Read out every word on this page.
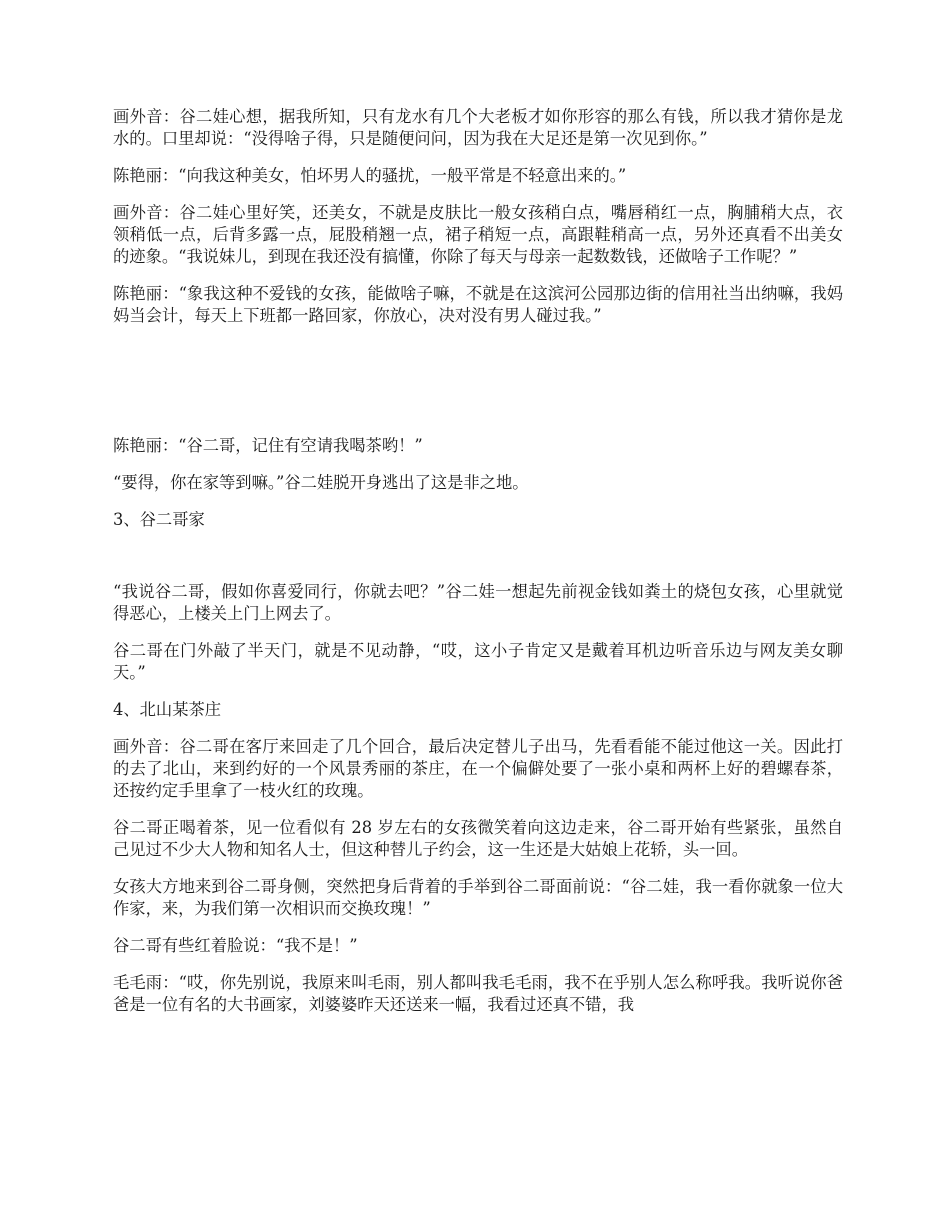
画外音：谷二娃心想，据我所知，只有龙水有几个大老板才如你形容的那么有钱，所以我才猜你是龙水的。口里却说：“没得啥子得，只是随便问问，因为我在大足还是第一次见到你。”

陈艳丽：“向我这种美女，怕坏男人的骚扰，一般平常是不轻意出来的。”

画外音：谷二娃心里好笑，还美女，不就是皮肤比一般女孩稍白点，嘴唇稍红一点，胸脯稍大点，衣领稍低一点，后背多露一点，屁股稍翘一点，裙子稍短一点，高跟鞋稍高一点，另外还真看不出美女的迹象。“我说妹儿，到现在我还没有搞懂，你除了每天与母亲一起数数钱，还做啥子工作呢？”

陈艳丽：“象我这种不爱钱的女孩，能做啥子嘛，不就是在这滨河公园那边街的信用社当出纳嘛，我妈妈当会计，每天上下班都一路回家，你放心，决对没有男人碰过我。”

陈艳丽：“谷二哥，记住有空请我喝茶哟！”

“要得，你在家等到嘛。”谷二娃脱开身逃出了这是非之地。

3、谷二哥家

“我说谷二哥，假如你喜爱同行，你就去吧？”谷二娃一想起先前视金钱如粪土的烧包女孩，心里就觉得恶心，上楼关上门上网去了。

谷二哥在门外敲了半天门，就是不见动静，“哎，这小子肯定又是戴着耳机边听音乐边与网友美女聊天。”

4、北山某茶庄

画外音：谷二哥在客厅来回走了几个回合，最后决定替儿子出马，先看看能不能过他这一关。因此打的去了北山，来到约好的一个风景秀丽的茶庄，在一个偏僻处要了一张小桌和两杯上好的碧螺春茶，还按约定手里拿了一枝火红的玫瑰。

谷二哥正喝着茶，见一位看似有 28 岁左右的女孩微笑着向这边走来，谷二哥开始有些紧张，虽然自己见过不少大人物和知名人士，但这种替儿子约会，这一生还是大姑娘上花轿，头一回。

女孩大方地来到谷二哥身侧，突然把身后背着的手举到谷二哥面前说：“谷二娃，我一看你就象一位大作家，来，为我们第一次相识而交换玫瑰！”

谷二哥有些红着脸说：“我不是！”

毛毛雨：“哎，你先别说，我原来叫毛雨，别人都叫我毛毛雨，我不在乎别人怎么称呼我。我听说你爸爸是一位有名的大书画家，刘婆婆昨天还送来一幅，我看过还真不错，我
